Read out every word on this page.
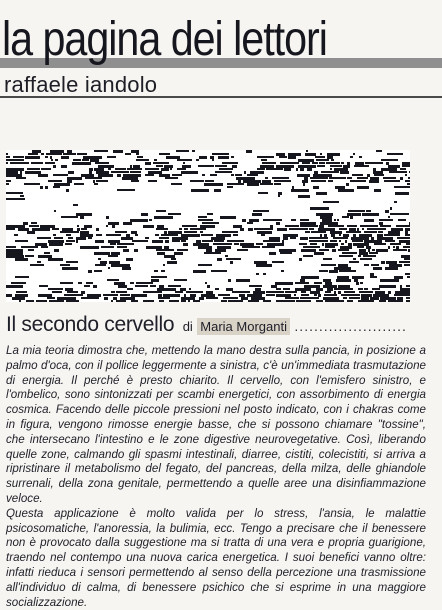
la pagina dei lettori
raffaele iandolo
Il secondo cervello di Maria Morganti .......................

La mia teoria dimostra che, mettendo la mano destra sulla pancia, in posizione a palmo d'oca, con il pollice leggermente a sinistra, c'è un'immediata trasmutazione di energia. Il perché è presto chiarito. Il cervello, con l'emisfero sinistro, e l'ombelico, sono sintonizzati per scambi energetici, con assorbimento di energia cosmica. Facendo delle piccole pressioni nel posto indicato, con i chakras come in figura, vengono rimosse energie basse, che si possono chiamare "tossine", che intersecano l'intestino e le zone digestive neurovegetative. Così, liberando quelle zone, calmando gli spasmi intestinali, diarree, cistiti, colecistiti, si arriva a ripristinare il metabolismo del fegato, del pancreas, della milza, delle ghiandole surrenali, della zona genitale, permettendo a quelle aree una disinfiammazione veloce.

Questa applicazione è molto valida per lo stress, l'ansia, le malattie psicosomatiche, l'anoressia, la bulimia, ecc. Tengo a precisare che il benessere non è provocato dalla suggestione ma si tratta di una vera e propria guarigione, traendo nel contempo una nuova carica energetica. I suoi benefici vanno oltre: infatti rieduca i sensori permettendo al senso della percezione una trasmissione all'individuo di calma, di benessere psichico che si esprime in una maggiore socializzazione.
